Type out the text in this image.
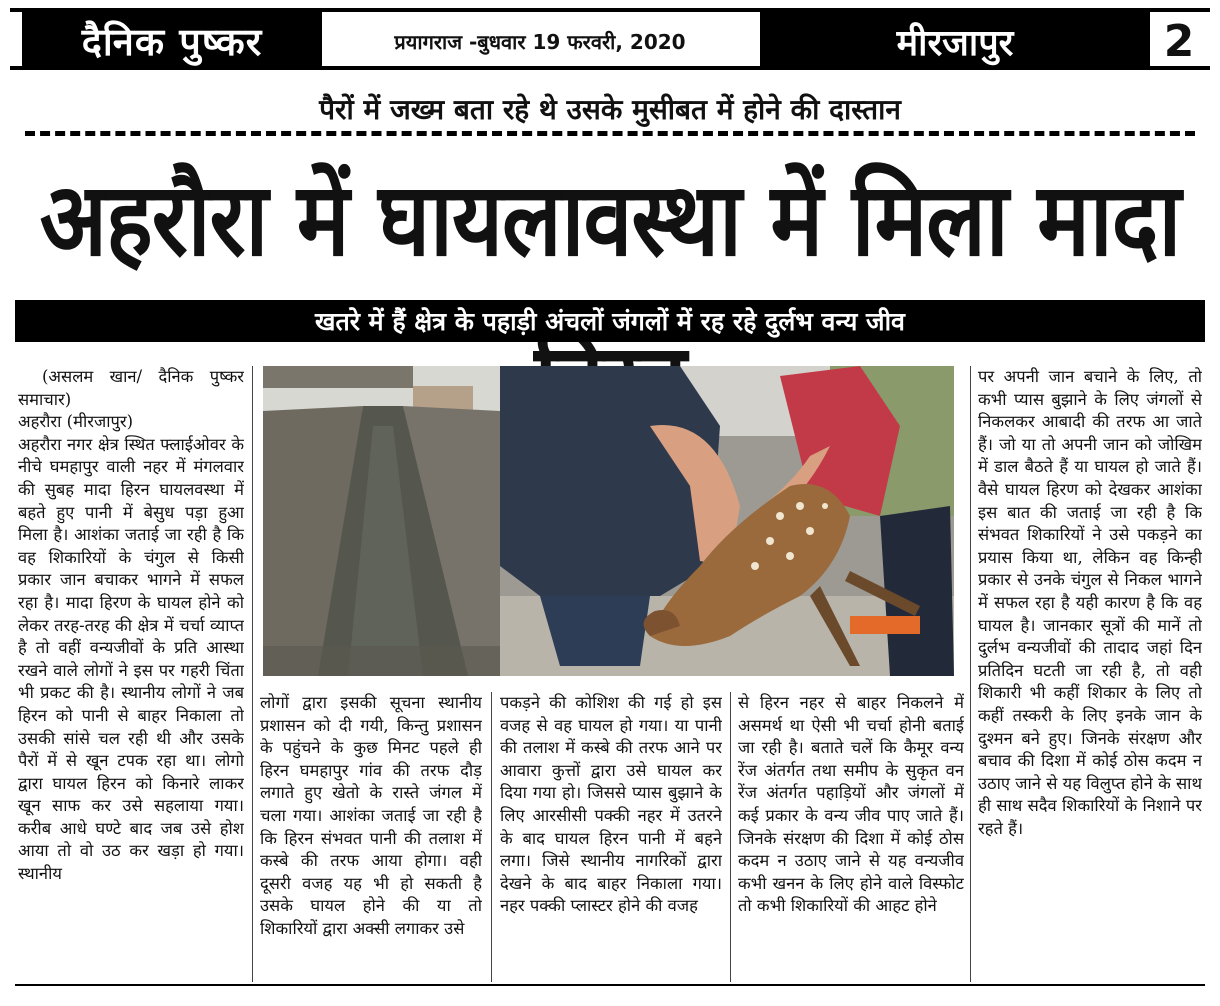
दैनिक पुष्कर	प्रयागराज -बुधवार 19 फरवरी, 2020	मीरजापुर	2
पैरों में जख्म बता रहे थे उसके मुसीबत में होने की दास्तान
अहरौरा में घायलावस्था में मिला मादा
खतरे में हैं क्षेत्र के पहाड़ी अंचलों जंगलों में रह रहे दुर्लभ वन्य जीव

(असलम खान/ दैनिक पुष्कर समाचार)

अहरौरा (मीरजापुर)

अहरौरा नगर क्षेत्र स्थित फ्लाईओवर के नीचे घमहापुर वाली नहर में मंगलवार की सुबह मादा हिरन घायलवस्था में बहते हुए पानी में बेसुध पड़ा हुआ मिला है। आशंका जताई जा रही है कि वह शिकारियों के चंगुल से किसी प्रकार जान बचाकर भागने में सफल रहा है। मादा हिरण के घायल होने को लेकर तरह-तरह की क्षेत्र में चर्चा व्याप्त है तो वहीं वन्यजीवों के प्रति आस्था रखने वाले लोगों ने इस पर गहरी चिंता भी प्रकट की है। स्थानीय लोगों ने जब हिरन को पानी से बाहर निकाला तो उसकी सांसे चल रही थी और उसके पैरों में से खून टपक रहा था। लोगो द्वारा घायल हिरन को किनारे लाकर खून साफ कर उसे सहलाया गया। करीब आधे घण्टे बाद जब उसे होश आया तो वो उठ कर खड़ा हो गया। स्थानीय

लोगों द्वारा इसकी सूचना स्थानीय प्रशासन को दी गयी, किन्तु प्रशासन के पहुंचने के कुछ मिनट पहले ही हिरन घमहापुर गांव की तरफ दौड़ लगाते हुए खेतो के रास्ते जंगल में चला गया। आशंका जताई जा रही है कि हिरन संभवत पानी की तलाश में कस्बे की तरफ आया होगा। वही दूसरी वजह यह भी हो सकती है उसके घायल होने की या तो शिकारियों द्वारा अक्सी लगाकर उसे

पकड़ने की कोशिश की गई हो इस वजह से वह घायल हो गया। या पानी की तलाश में कस्बे की तरफ आने पर आवारा कुत्तों द्वारा उसे घायल कर दिया गया हो। जिससे प्यास बुझाने के लिए आरसीसी पक्की नहर में उतरने के बाद घायल हिरन पानी में बहने लगा। जिसे स्थानीय नागरिकों द्वारा देखने के बाद बाहर निकाला गया। नहर पक्की प्लास्टर होने की वजह

से हिरन नहर से बाहर निकलने में असमर्थ था ऐसी भी चर्चा होनी बताई जा रही है। बताते चलें कि कैमूर वन्य रेंज अंतर्गत तथा समीप के सुकृत वन रेंज अंतर्गत पहाड़ियों और जंगलों में कई प्रकार के वन्य जीव पाए जाते हैं। जिनके संरक्षण की दिशा में कोई ठोस कदम न उठाए जाने से यह वन्यजीव कभी खनन के लिए होने वाले विस्फोट तो कभी शिकारियों की आहट होने

पर अपनी जान बचाने के लिए, तो कभी प्यास बुझाने के लिए जंगलों से निकलकर आबादी की तरफ आ जाते हैं। जो या तो अपनी जान को जोखिम में डाल बैठते हैं या घायल हो जाते हैं। वैसे घायल हिरण को देखकर आशंका इस बात की जताई जा रही है कि संभवत शिकारियों ने उसे पकड़ने का प्रयास किया था, लेकिन वह किन्ही प्रकार से उनके चंगुल से निकल भागने में सफल रहा है यही कारण है कि वह घायल है। जानकार सूत्रों की मानें तो दुर्लभ वन्यजीवों की तादाद जहां दिन प्रतिदिन घटती जा रही है, तो वही शिकारी भी कहीं शिकार के लिए तो कहीं तस्करी के लिए इनके जान के दुश्मन बने हुए। जिनके संरक्षण और बचाव की दिशा में कोई ठोस कदम न उठाए जाने से यह विलुप्त होने के साथ ही साथ सदैव शिकारियों के निशाने पर रहते हैं।
